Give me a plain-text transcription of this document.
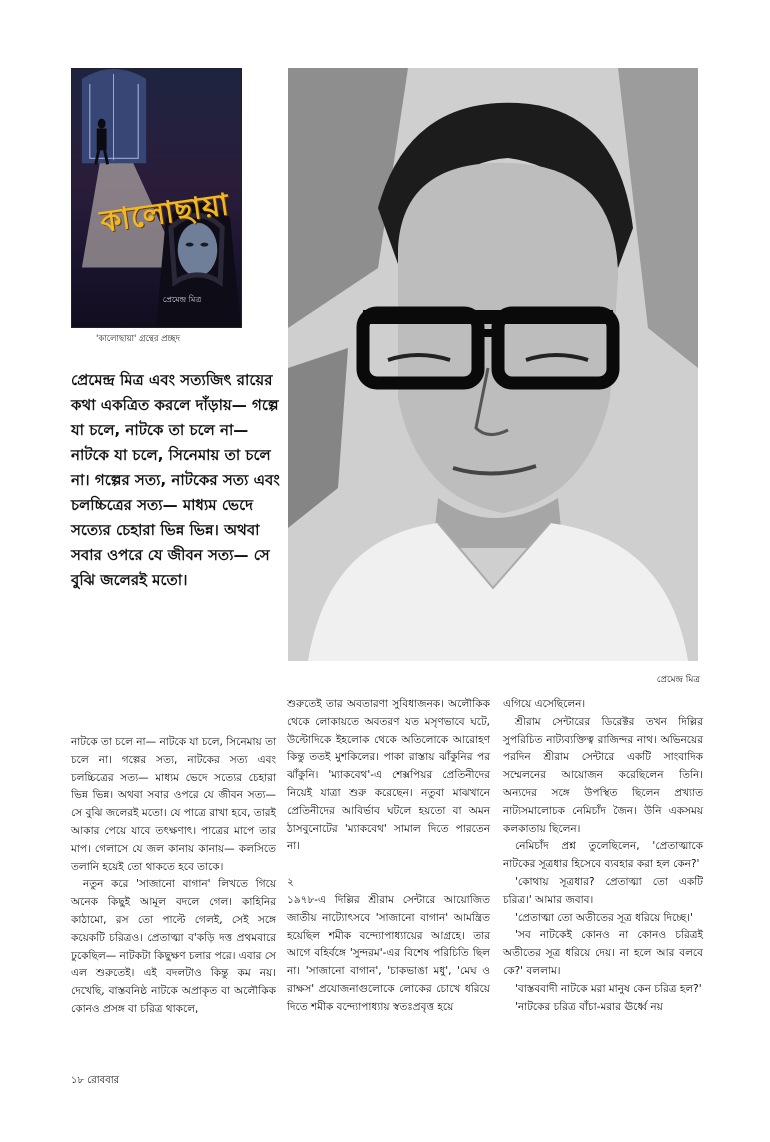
কালোছায়া
প্রেমেন্দ্র মিত্র
'কালোছায়া' গ্রন্থের প্রচ্ছদ
প্রেমেন্দ্র মিত্র এবং সত্যজিৎ রায়ের কথা একত্রিত করলে দাঁড়ায়— গল্পে যা চলে, নাটকে তা চলে না— নাটকে যা চলে, সিনেমায় তা চলে না। গল্পের সত্য, নাটকের সত্য এবং চলচ্চিত্রের সত্য— মাধ্যম ভেদে সত্যের চেহারা ভিন্ন ভিন্ন। অথবা সবার ওপরে যে জীবন সত্য— সে বুঝি জলেরই মতো।
প্রেমেন্দ্র মিত্র

নাটকে তা চলে না— নাটকে যা চলে, সিনেমায় তা চলে না। গল্পের সত্য, নাটকের সত্য এবং চলচ্চিত্রের সত্য— মাধ্যম ভেদে সত্যের চেহারা ভিন্ন ভিন্ন। অথবা সবার ওপরে যে জীবন সত্য— সে বুঝি জলেরই মতো। যে পাত্রে রাখা হবে, তারই আকার পেয়ে যাবে তৎক্ষণাৎ। পাত্রের মাপে তার মাপ। গেলাসে যে জল কানায় কানায়— কলসিতে তলানি হয়েই তো থাকতে হবে তাকে।

নতুন করে 'সাজানো বাগান' লিখতে গিয়ে অনেক কিছুই আমূল বদলে গেল। কাহিনির কাঠামো, রস তো পাল্টে গেলই, সেই সঙ্গে কয়েকটি চরিত্রও। প্রেতাত্মা ব'কড়ি দত্ত প্রথমবারে ঢুকেছিল— নাটকটা কিছুক্ষণ চলার পরে। এবার সে এল শুরুতেই। এই বদলটাও কিন্তু কম নয়। দেখেছি, বাস্তবনিষ্ঠ নাটকে অপ্রাকৃত বা অলৌকিক কোনও প্রসঙ্গ বা চরিত্র থাকলে,

শুরুতেই তার অবতারণা সুবিধাজনক। অলৌকিক থেকে লোকায়তে অবতরণ যত মসৃণভাবে ঘটে, উল্টোদিকে ইহলোক থেকে অতিলোকে আরোহণ কিন্তু ততই মুশকিলের। পাকা রাস্তায় ঝাঁকুনির পর ঝাঁকুনি। 'ম্যাকবেথ'-এ শেক্সপিয়র প্রেতিনীদের নিয়েই যাত্রা শুরু করেছেন। নতুবা মাঝখানে প্রেতিনীদের আবির্ভাব ঘটলে হয়তো বা অমন ঠাসবুনোটের 'ম্যাকবেথ' সামাল দিতে পারতেন না।

২

১৯৭৮-এ দিল্লির শ্রীরাম সেন্টারে আয়োজিত জাতীয় নাট্যোৎসবে 'সাজানো বাগান' আমন্ত্রিত হয়েছিল শমীক বন্দ্যোপাধ্যায়ের আগ্রহে। তার আগে বহির্বঙ্গে 'সুন্দরম'-এর বিশেষ পরিচিতি ছিল না। 'সাজানো বাগান', 'চাকভাঙা মধু', 'মেঘ ও রাক্ষস' প্রযোজনাগুলোকে লোকের চোখে ধরিয়ে দিতে শমীক বন্দ্যোপাধ্যায় স্বতঃপ্রবৃত্ত হয়ে

এগিয়ে এসেছিলেন।

শ্রীরাম সেন্টারের ডিরেক্টর তখন দিল্লির সুপরিচিত নাট্যব্যক্তিত্ব রাজিন্দর নাথ। অভিনয়ের পরদিন শ্রীরাম সেন্টারে একটি সাংবাদিক সম্মেলনের আয়োজন করেছিলেন তিনি। অন্যদের সঙ্গে উপস্থিত ছিলেন প্রখ্যাত নাট্যসমালোচক নেমিচাঁদ জৈন। উনি একসময় কলকাতায় ছিলেন।

নেমিচাঁদ প্রশ্ন তুলেছিলেন, 'প্রেতাত্মাকে নাটকের সূত্রধার হিসেবে ব্যবহার করা হল কেন?'

'কোথায় সূত্রধার? প্রেতাত্মা তো একটি চরিত্র।' আমার জবাব।

'প্রেতাত্মা তো অতীতের সূত্র ধরিয়ে দিচ্ছে।'

'সব নাটকেই কোনও না কোনও চরিত্রই অতীতের সূত্র ধরিয়ে দেয়। না হলে আর বলবে কে?' বললাম।

'বাস্তববাদী নাটকে মরা মানুষ কেন চরিত্র হল?'

'নাটকের চরিত্র বাঁচা-মরার ঊর্ধ্বে নয়

১৮ রোববার
